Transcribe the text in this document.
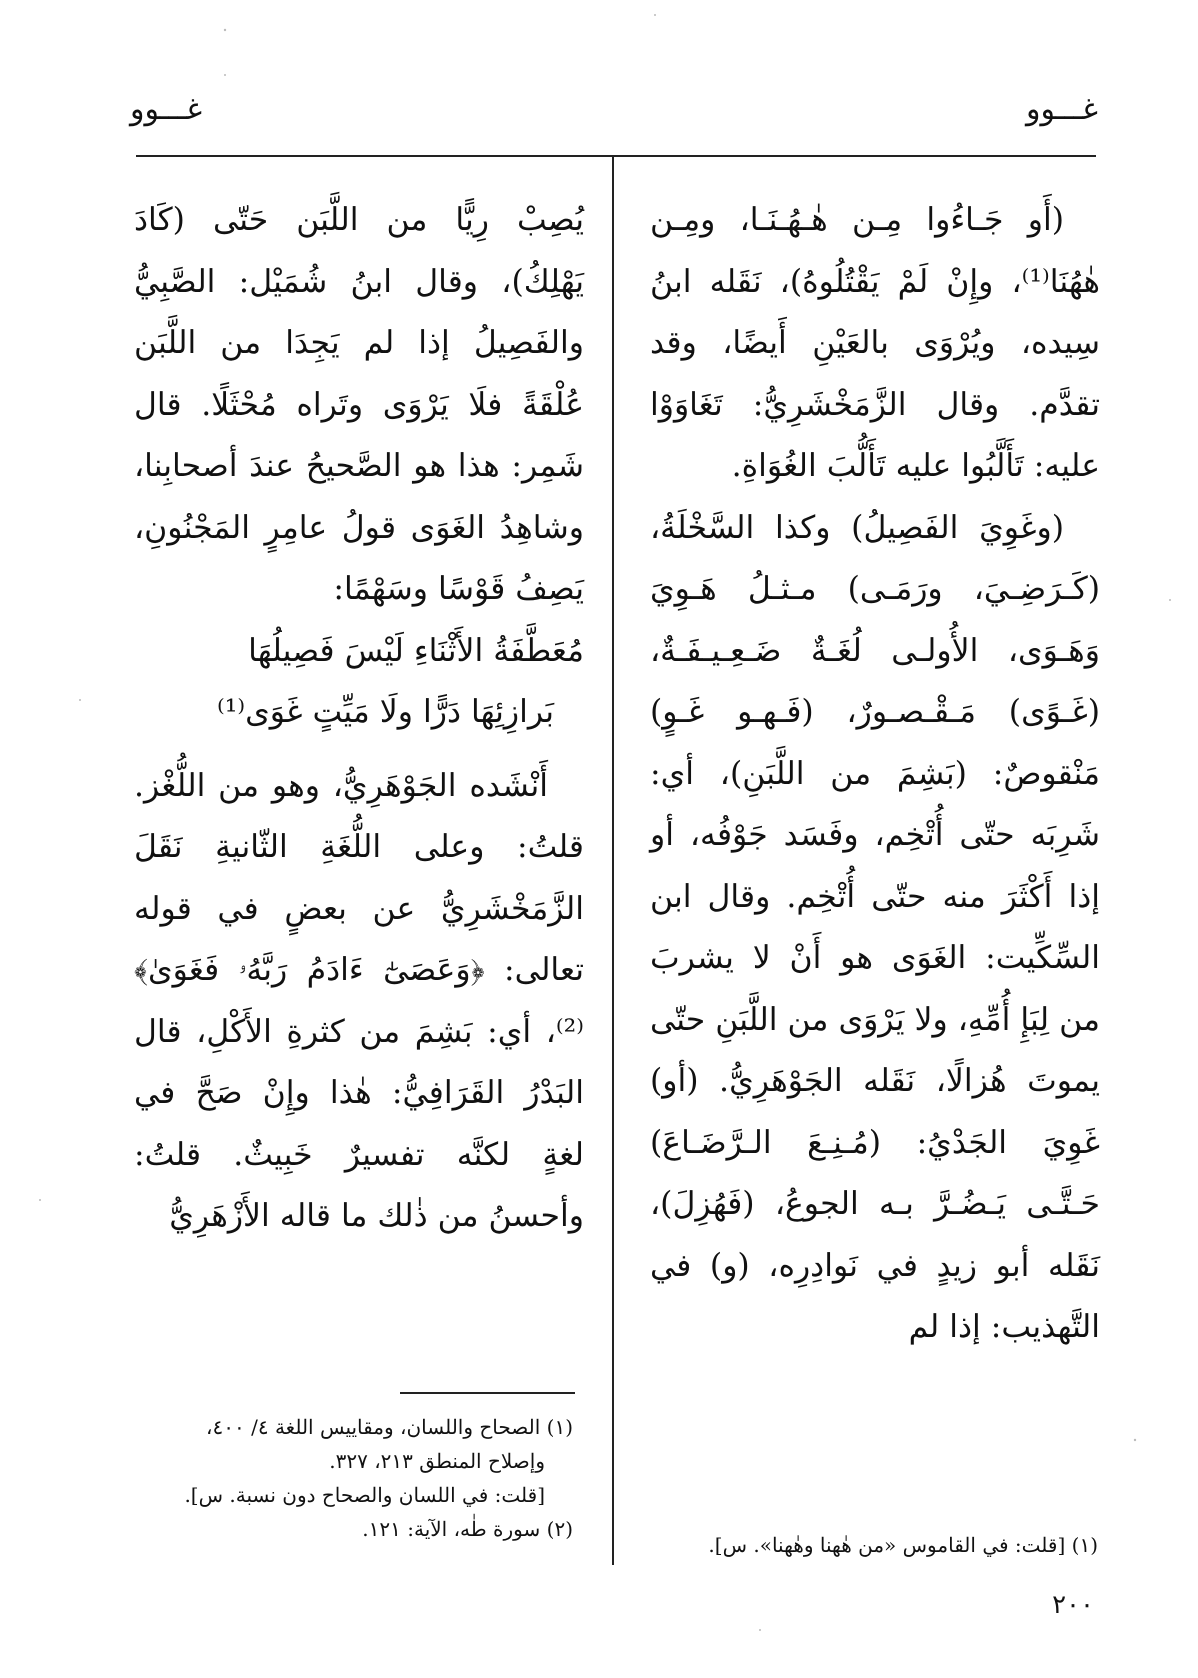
غـــوو
غـــوو

(أَو جَـاءُوا مِـن هٰـهُـنَـا، ومِـن هٰهُنَا⁽¹⁾، وإِنْ لَمْ يَقْتُلُوهُ)، نَقَله ابنُ سِيده، ويُرْوَى بالعَيْنِ أَيضًا، وقد تقدَّم. وقال الزَّمَخْشَرِيُّ: تَغَاوَوْا عليه: تَأَلَّبُوا عليه تَأَلُّبَ الغُوَاةِ.

(وغَوِيَ الفَصِيلُ) وكذا السَّخْلَةُ، (كَـرَضِـيَ، ورَمَـى) مـثـلُ هَـوِيَ وَهَـوَى، الأُولـى لُغَـةٌ ضَـعِـيـفَـةٌ، (غَـوًى) مَـقْـصـورٌ، (فَـهـو غَـوٍ) مَنْقوصٌ: (بَشِمَ من اللَّبَنِ)، أي: شَرِبَه حتّى أُتْخِم، وفَسَد جَوْفُه، أو إذا أَكْثَرَ منه حتّى أُتْخِم. وقال ابن السِّكِّيت: الغَوَى هو أَنْ لا يشربَ من لِبَإِ أُمِّهِ، ولا يَرْوَى من اللَّبَنِ حتّى يموتَ هُزالًا، نَقَله الجَوْهَرِيُّ. (أو) غَوِيَ الجَدْيُ: (مُـنِـعَ الـرَّضَـاعَ) حَـتَّـى يَـضُـرَّ بـه الجوعُ، (فَهُزِلَ)، نَقَله أبو زيدٍ في نَوادِرِه، (و) في التَّهذيب: إذا لم

يُصِبْ رِيًّا من اللَّبَن حَتّى (كَادَ يَهْلِكُ)، وقال ابنُ شُمَيْل: الصَّبِيُّ والفَصِيلُ إذا لم يَجِدَا من اللَّبَن عُلْقَةً فلَا يَرْوَى وتَراه مُحْثَلًا. قال شَمِر: هذا هو الصَّحيحُ عندَ أصحابِنا، وشاهِدُ الغَوَى قولُ عامِرٍ المَجْنُونِ، يَصِفُ قَوْسًا وسَهْمًا:

مُعَطَّفَةُ الأَثْنَاءِ لَيْسَ فَصِيلُهَا

بَرازِئِهَا دَرًّا ولَا مَيِّتٍ غَوَى⁽¹⁾

أَنْشَده الجَوْهَرِيُّ، وهو من اللُّغْز. قلتُ: وعلى اللُّغَةِ الثّانيةِ نَقَلَ الزَّمَخْشَرِيُّ عن بعضٍ في قوله تعالى: ﴿وَعَصَىٰٓ ءَادَمُ رَبَّهُۥ فَغَوَىٰ﴾⁽²⁾، أي: بَشِمَ من كثرةِ الأَكْلِ، قال البَدْرُ القَرَافِيُّ: هٰذا وإِنْ صَحَّ في لغةٍ لكنَّه تفسيرٌ خَبِيثٌ. قلتُ: وأحسنُ من ذٰلك ما قاله الأَزْهَرِيُّ

(١) الصحاح واللسان، ومقاييس اللغة ٤/ ٤٠٠،

وإصلاح المنطق ٢١٣، ٣٢٧.

[قلت: في اللسان والصحاح دون نسبة. س].

(٢) سورة طٰه، الآية: ١٢١.

(١) [قلت: في القاموس «من هٰهنا وهٰهنا». س].

٢٠٠
